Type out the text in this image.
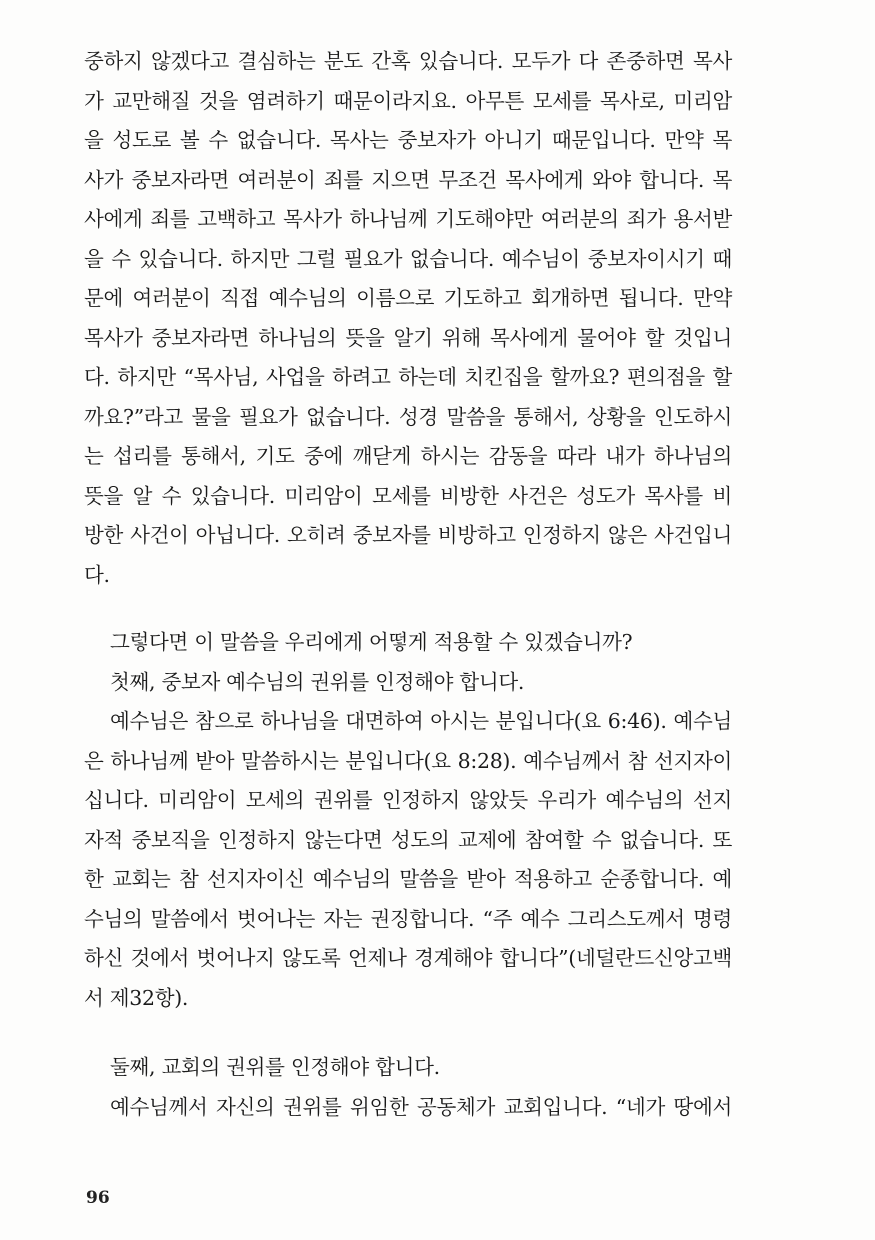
중하지 않겠다고 결심하는 분도 간혹 있습니다. 모두가 다 존중하면 목사
가 교만해질 것을 염려하기 때문이라지요. 아무튼 모세를 목사로, 미리암
을 성도로 볼 수 없습니다. 목사는 중보자가 아니기 때문입니다. 만약 목
사가 중보자라면 여러분이 죄를 지으면 무조건 목사에게 와야 합니다. 목
사에게 죄를 고백하고 목사가 하나님께 기도해야만 여러분의 죄가 용서받
을 수 있습니다. 하지만 그럴 필요가 없습니다. 예수님이 중보자이시기 때
문에 여러분이 직접 예수님의 이름으로 기도하고 회개하면 됩니다. 만약
목사가 중보자라면 하나님의 뜻을 알기 위해 목사에게 물어야 할 것입니
다. 하지만 “목사님, 사업을 하려고 하는데 치킨집을 할까요? 편의점을 할
까요?”라고 물을 필요가 없습니다. 성경 말씀을 통해서, 상황을 인도하시
는 섭리를 통해서, 기도 중에 깨닫게 하시는 감동을 따라 내가 하나님의
뜻을 알 수 있습니다. 미리암이 모세를 비방한 사건은 성도가 목사를 비
방한 사건이 아닙니다. 오히려 중보자를 비방하고 인정하지 않은 사건입니
다.
그렇다면 이 말씀을 우리에게 어떻게 적용할 수 있겠습니까?
첫째, 중보자 예수님의 권위를 인정해야 합니다.
예수님은 참으로 하나님을 대면하여 아시는 분입니다(요 6:46). 예수님
은 하나님께 받아 말씀하시는 분입니다(요 8:28). 예수님께서 참 선지자이
십니다. 미리암이 모세의 권위를 인정하지 않았듯 우리가 예수님의 선지
자적 중보직을 인정하지 않는다면 성도의 교제에 참여할 수 없습니다. 또
한 교회는 참 선지자이신 예수님의 말씀을 받아 적용하고 순종합니다. 예
수님의 말씀에서 벗어나는 자는 권징합니다. “주 예수 그리스도께서 명령
하신 것에서 벗어나지 않도록 언제나 경계해야 합니다”(네덜란드신앙고백
서 제32항).
둘째, 교회의 권위를 인정해야 합니다.
예수님께서 자신의 권위를 위임한 공동체가 교회입니다. “네가 땅에서
96
